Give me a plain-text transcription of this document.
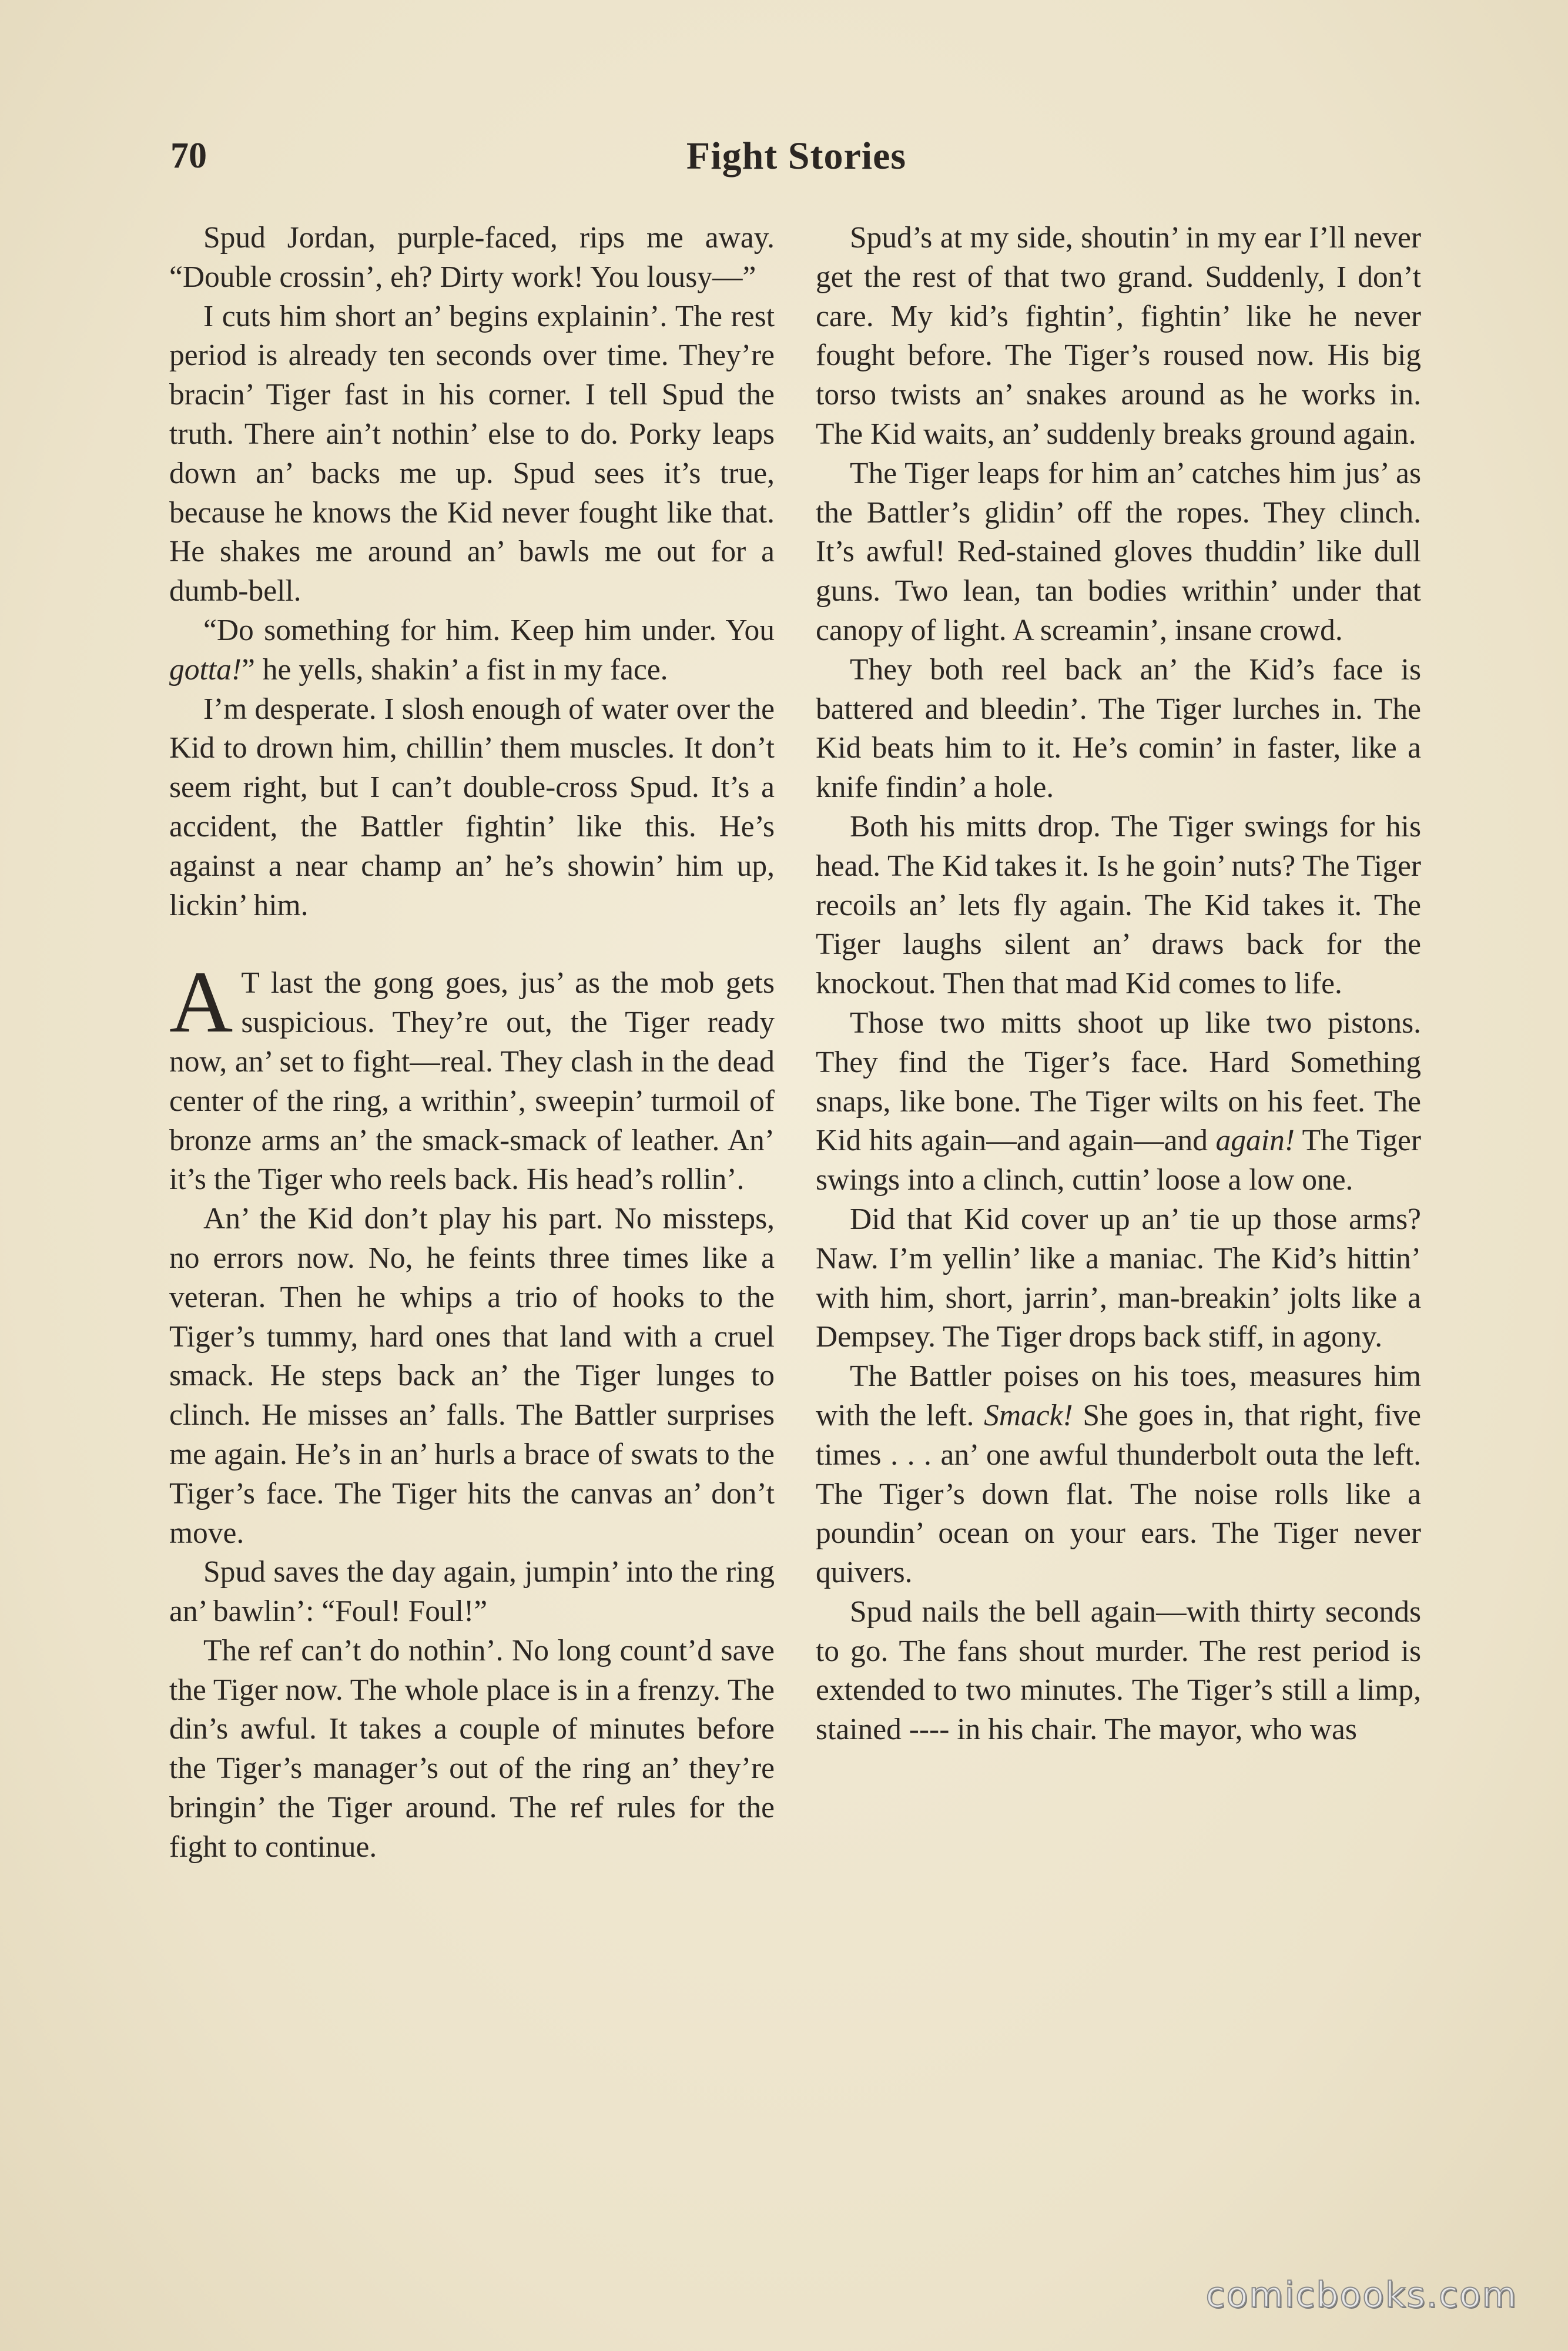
70	Fight Stories

Spud Jordan, purple-faced, rips me away. “Double crossin’, eh? Dirty work! You lousy—”

I cuts him short an’ begins explainin’. The rest period is already ten seconds over time. They’re bracin’ Tiger fast in his corner. I tell Spud the truth. There ain’t nothin’ else to do. Porky leaps down an’ backs me up. Spud sees it’s true, because he knows the Kid never fought like that. He shakes me around an’ bawls me out for a dumb-bell.

“Do something for him. Keep him under. You gotta!” he yells, shakin’ a fist in my face.

I’m desperate. I slosh enough of water over the Kid to drown him, chillin’ them muscles. It don’t seem right, but I can’t double-cross Spud. It’s a accident, the Battler fightin’ like this. He’s against a near champ an’ he’s showin’ him up, lickin’ him.

A T last the gong goes, jus’ as the mob gets suspicious. They’re out, the Tiger ready now, an’ set to fight—real. They clash in the dead center of the ring, a writhin’, sweepin’ turmoil of bronze arms an’ the smack-smack of leather. An’ it’s the Tiger who reels back. His head’s rollin’.

An’ the Kid don’t play his part. No missteps, no errors now. No, he feints three times like a veteran. Then he whips a trio of hooks to the Tiger’s tummy, hard ones that land with a cruel smack. He steps back an’ the Tiger lunges to clinch. He misses an’ falls. The Battler surprises me again. He’s in an’ hurls a brace of swats to the Tiger’s face. The Tiger hits the canvas an’ don’t move.

Spud saves the day again, jumpin’ into the ring an’ bawlin’: “Foul! Foul!”

The ref can’t do nothin’. No long count’d save the Tiger now. The whole place is in a frenzy. The din’s awful. It takes a couple of minutes before the Tiger’s manager’s out of the ring an’ they’re bringin’ the Tiger around. The ref rules for the fight to continue.

Spud’s at my side, shoutin’ in my ear I’ll never get the rest of that two grand. Suddenly, I don’t care. My kid’s fightin’, fightin’ like he never fought before. The Tiger’s roused now. His big torso twists an’ snakes around as he works in. The Kid waits, an’ suddenly breaks ground again.

The Tiger leaps for him an’ catches him jus’ as the Battler’s glidin’ off the ropes. They clinch. It’s awful! Red-stained gloves thuddin’ like dull guns. Two lean, tan bodies writhin’ under that canopy of light. A screamin’, insane crowd.

They both reel back an’ the Kid’s face is battered and bleedin’. The Tiger lurches in. The Kid beats him to it. He’s comin’ in faster, like a knife findin’ a hole.

Both his mitts drop. The Tiger swings for his head. The Kid takes it. Is he goin’ nuts? The Tiger recoils an’ lets fly again. The Kid takes it. The Tiger laughs silent an’ draws back for the knockout. Then that mad Kid comes to life.

Those two mitts shoot up like two pistons. They find the Tiger’s face. Hard Something snaps, like bone. The Tiger wilts on his feet. The Kid hits again—and again—and again! The Tiger swings into a clinch, cuttin’ loose a low one.

Did that Kid cover up an’ tie up those arms? Naw. I’m yellin’ like a maniac. The Kid’s hittin’ with him, short, jarrin’, man-breakin’ jolts like a Dempsey. The Tiger drops back stiff, in agony.

The Battler poises on his toes, measures him with the left. Smack! She goes in, that right, five times . . . an’ one awful thunderbolt outa the left. The Tiger’s down flat. The noise rolls like a poundin’ ocean on your ears. The Tiger never quivers.

Spud nails the bell again—with thirty seconds to go. The fans shout murder. The rest period is extended to two minutes. The Tiger’s still a limp, stained ---- in his chair. The mayor, who was

comicbooks.com
